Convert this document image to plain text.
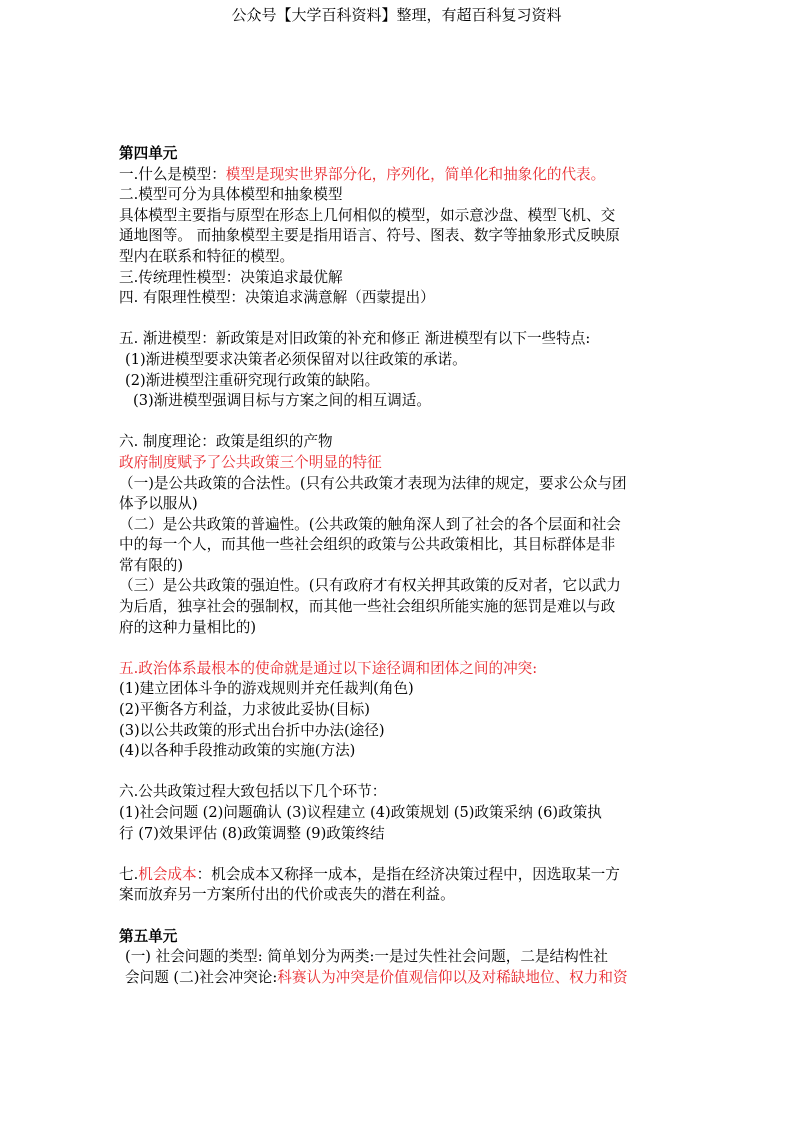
公众号【大学百科资料】整理，有超百科复习资料

第四单元

一.什么是模型：模型是现实世界部分化，序列化，简单化和抽象化的代表。

二.模型可分为具体模型和抽象模型

具体模型主要指与原型在形态上几何相似的模型，如示意沙盘、模型飞机、交

通地图等。 而抽象模型主要是指用语言、符号、图表、数字等抽象形式反映原

型内在联系和特征的模型。

三.传统理性模型：决策追求最优解

四. 有限理性模型：决策追求满意解（西蒙提出）

五. 渐进模型：新政策是对旧政策的补充和修正 渐进模型有以下一些特点:

(1)渐进模型要求决策者必须保留对以往政策的承诺。

(2)渐进模型注重研究现行政策的缺陷。

(3)渐进模型强调目标与方案之间的相互调适。

六. 制度理论：政策是组织的产物

政府制度赋予了公共政策三个明显的特征

（一)是公共政策的合法性。(只有公共政策才表现为法律的规定，要求公众与团

体予以服从)

（二）是公共政策的普遍性。(公共政策的触角深人到了社会的各个层面和社会

中的每一个人，而其他一些社会组织的政策与公共政策相比，其目标群体是非

常有限的)

（三）是公共政策的强迫性。(只有政府才有权关押其政策的反对者，它以武力

为后盾，独享社会的强制权，而其他一些社会组织所能实施的惩罚是难以与政

府的这种力量相比的)

五.政治体系最根本的使命就是通过以下途径调和团体之间的冲突:

(1)建立团体斗争的游戏规则并充任裁判(角色)

(2)平衡各方利益，力求彼此妥协(目标)

(3)以公共政策的形式出台折中办法(途径)

(4)以各种手段推动政策的实施(方法)

六.公共政策过程大致包括以下几个环节：

(1)社会问题 (2)问题确认 (3)议程建立 (4)政策规划 (5)政策采纳 (6)政策执

行 (7)效果评估 (8)政策调整 (9)政策终结

七.机会成本：机会成本又称择一成本，是指在经济决策过程中，因选取某一方

案而放弃另一方案所付出的代价或丧失的潜在利益。

第五单元

(一) 社会问题的类型: 简单划分为两类:一是过失性社会问题，二是结构性社

会问题 (二)社会冲突论:科赛认为冲突是价值观信仰以及对稀缺地位、权力和资
